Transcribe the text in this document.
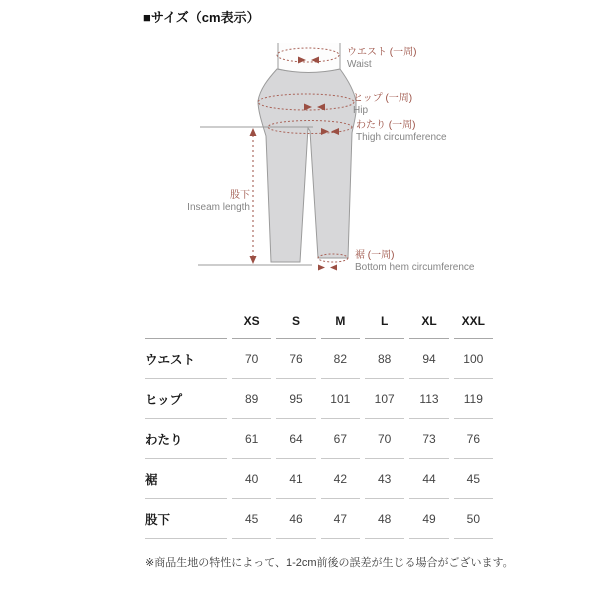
■サイズ（cm表示）
ウエスト (一周)
Waist
ヒップ (一周)
Hip
わたり (一周)
Thigh circumference
股下
Inseam length
裾 (一周)
Bottom hem circumference
XS	S	M	L	XL	XXL
ウエスト	70	76	82	88	94	100
ヒップ	89	95	101	107	113	119
わたり	61	64	67	70	73	76
裾	40	41	42	43	44	45
股下	45	46	47	48	49	50
※商品生地の特性によって、1-2cm前後の誤差が生じる場合がございます。
